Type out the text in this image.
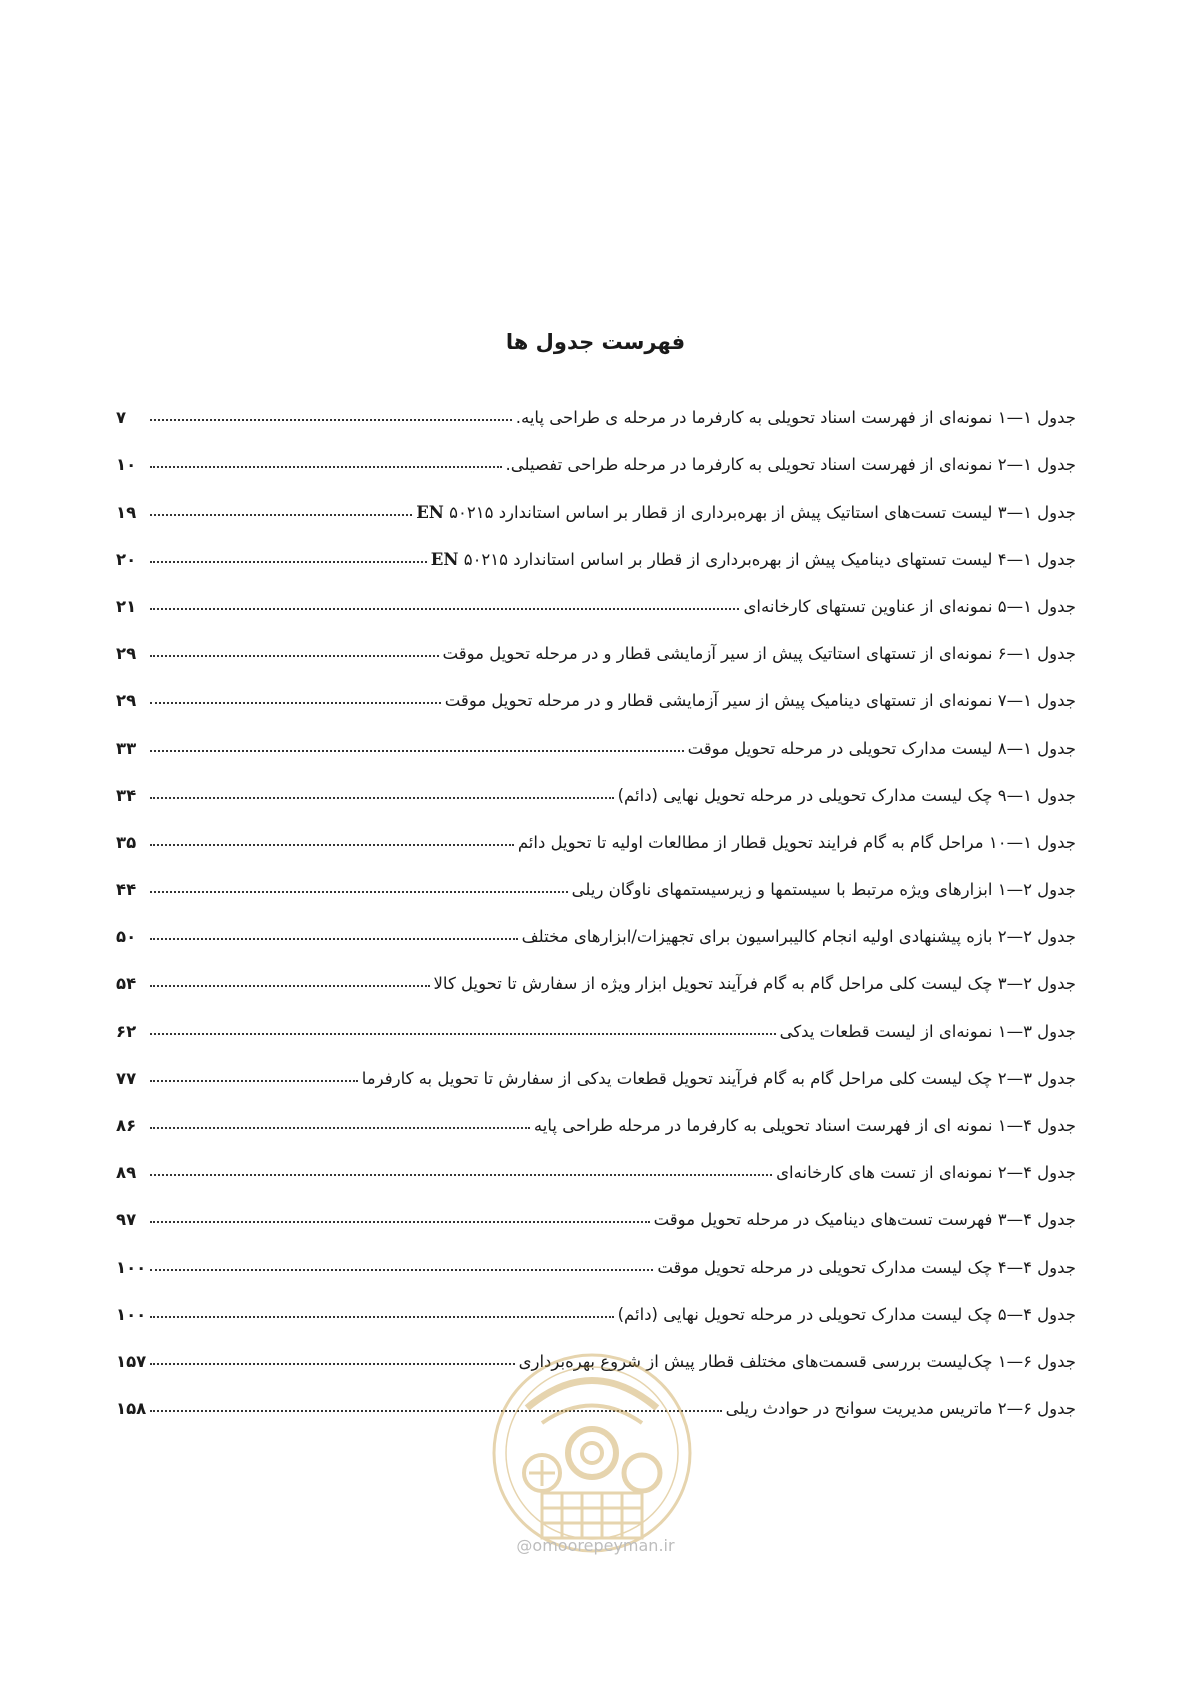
فهرست جدول ها
جدول ۱—۱ نمونه‌ای از فهرست اسناد تحویلی به کارفرما در مرحله ی طراحی پایه.
۷
جدول ۱—۲ نمونه‌ای از فهرست اسناد تحویلی به کارفرما در مرحله طراحی تفصیلی.
۱۰
جدول ۱—۳ لیست تست‌های استاتیک پیش از بهره‌برداری از قطار بر اساس استاندارد ۵۰۲۱۵ EN
۱۹
جدول ۱—۴ لیست تستهای دینامیک پیش از بهره‌برداری از قطار بر اساس استاندارد ۵۰۲۱۵ EN
۲۰
جدول ۱—۵ نمونه‌ای از عناوین تستهای کارخانه‌ای
۲۱
جدول ۱—۶ نمونه‌ای از تستهای استاتیک پیش از سیر آزمایشی قطار و در مرحله تحویل موقت
۲۹
جدول ۱—۷ نمونه‌ای از تستهای دینامیک پیش از سیر آزمایشی قطار و در مرحله تحویل موقت
۲۹
جدول ۱—۸ لیست مدارک تحویلی در مرحله تحویل موقت
۳۳
جدول ۱—۹ چک لیست مدارک تحویلی در مرحله تحویل نهایی (دائم)
۳۴
جدول ۱—۱۰ مراحل گام به گام فرایند تحویل قطار از مطالعات اولیه تا تحویل دائم
۳۵
جدول ۲—۱ ابزارهای ویژه مرتبط با سیستمها و زیرسیستمهای ناوگان ریلی
۴۴
جدول ۲—۲ بازه پیشنهادی اولیه انجام کالیبراسیون برای تجهیزات/ابزارهای مختلف
۵۰
جدول ۲—۳ چک لیست کلی مراحل گام به گام فرآیند تحویل ابزار ویژه از سفارش تا تحویل کالا
۵۴
جدول ۳—۱ نمونه‌ای از لیست قطعات یدکی
۶۲
جدول ۳—۲ چک لیست کلی مراحل گام به گام فرآیند تحویل قطعات یدکی از سفارش تا تحویل به کارفرما
۷۷
جدول ۴—۱ نمونه ای از فهرست اسناد تحویلی به کارفرما در مرحله طراحی پایه
۸۶
جدول ۴—۲ نمونه‌ای از تست های کارخانه‌ای
۸۹
جدول ۴—۳ فهرست تست‌های دینامیک در مرحله تحویل موقت
۹۷
جدول ۴—۴ چک لیست مدارک تحویلی در مرحله تحویل موقت
۱۰۰
جدول ۴—۵ چک لیست مدارک تحویلی در مرحله تحویل نهایی (دائم)
۱۰۰
جدول ۶—۱ چک‌لیست بررسی قسمت‌های مختلف قطار پیش از شروع بهره‌برداری
۱۵۷
جدول ۶—۲ ماتریس مدیریت سوانح در حوادث ریلی
۱۵۸
@omoorepeyman.ir
